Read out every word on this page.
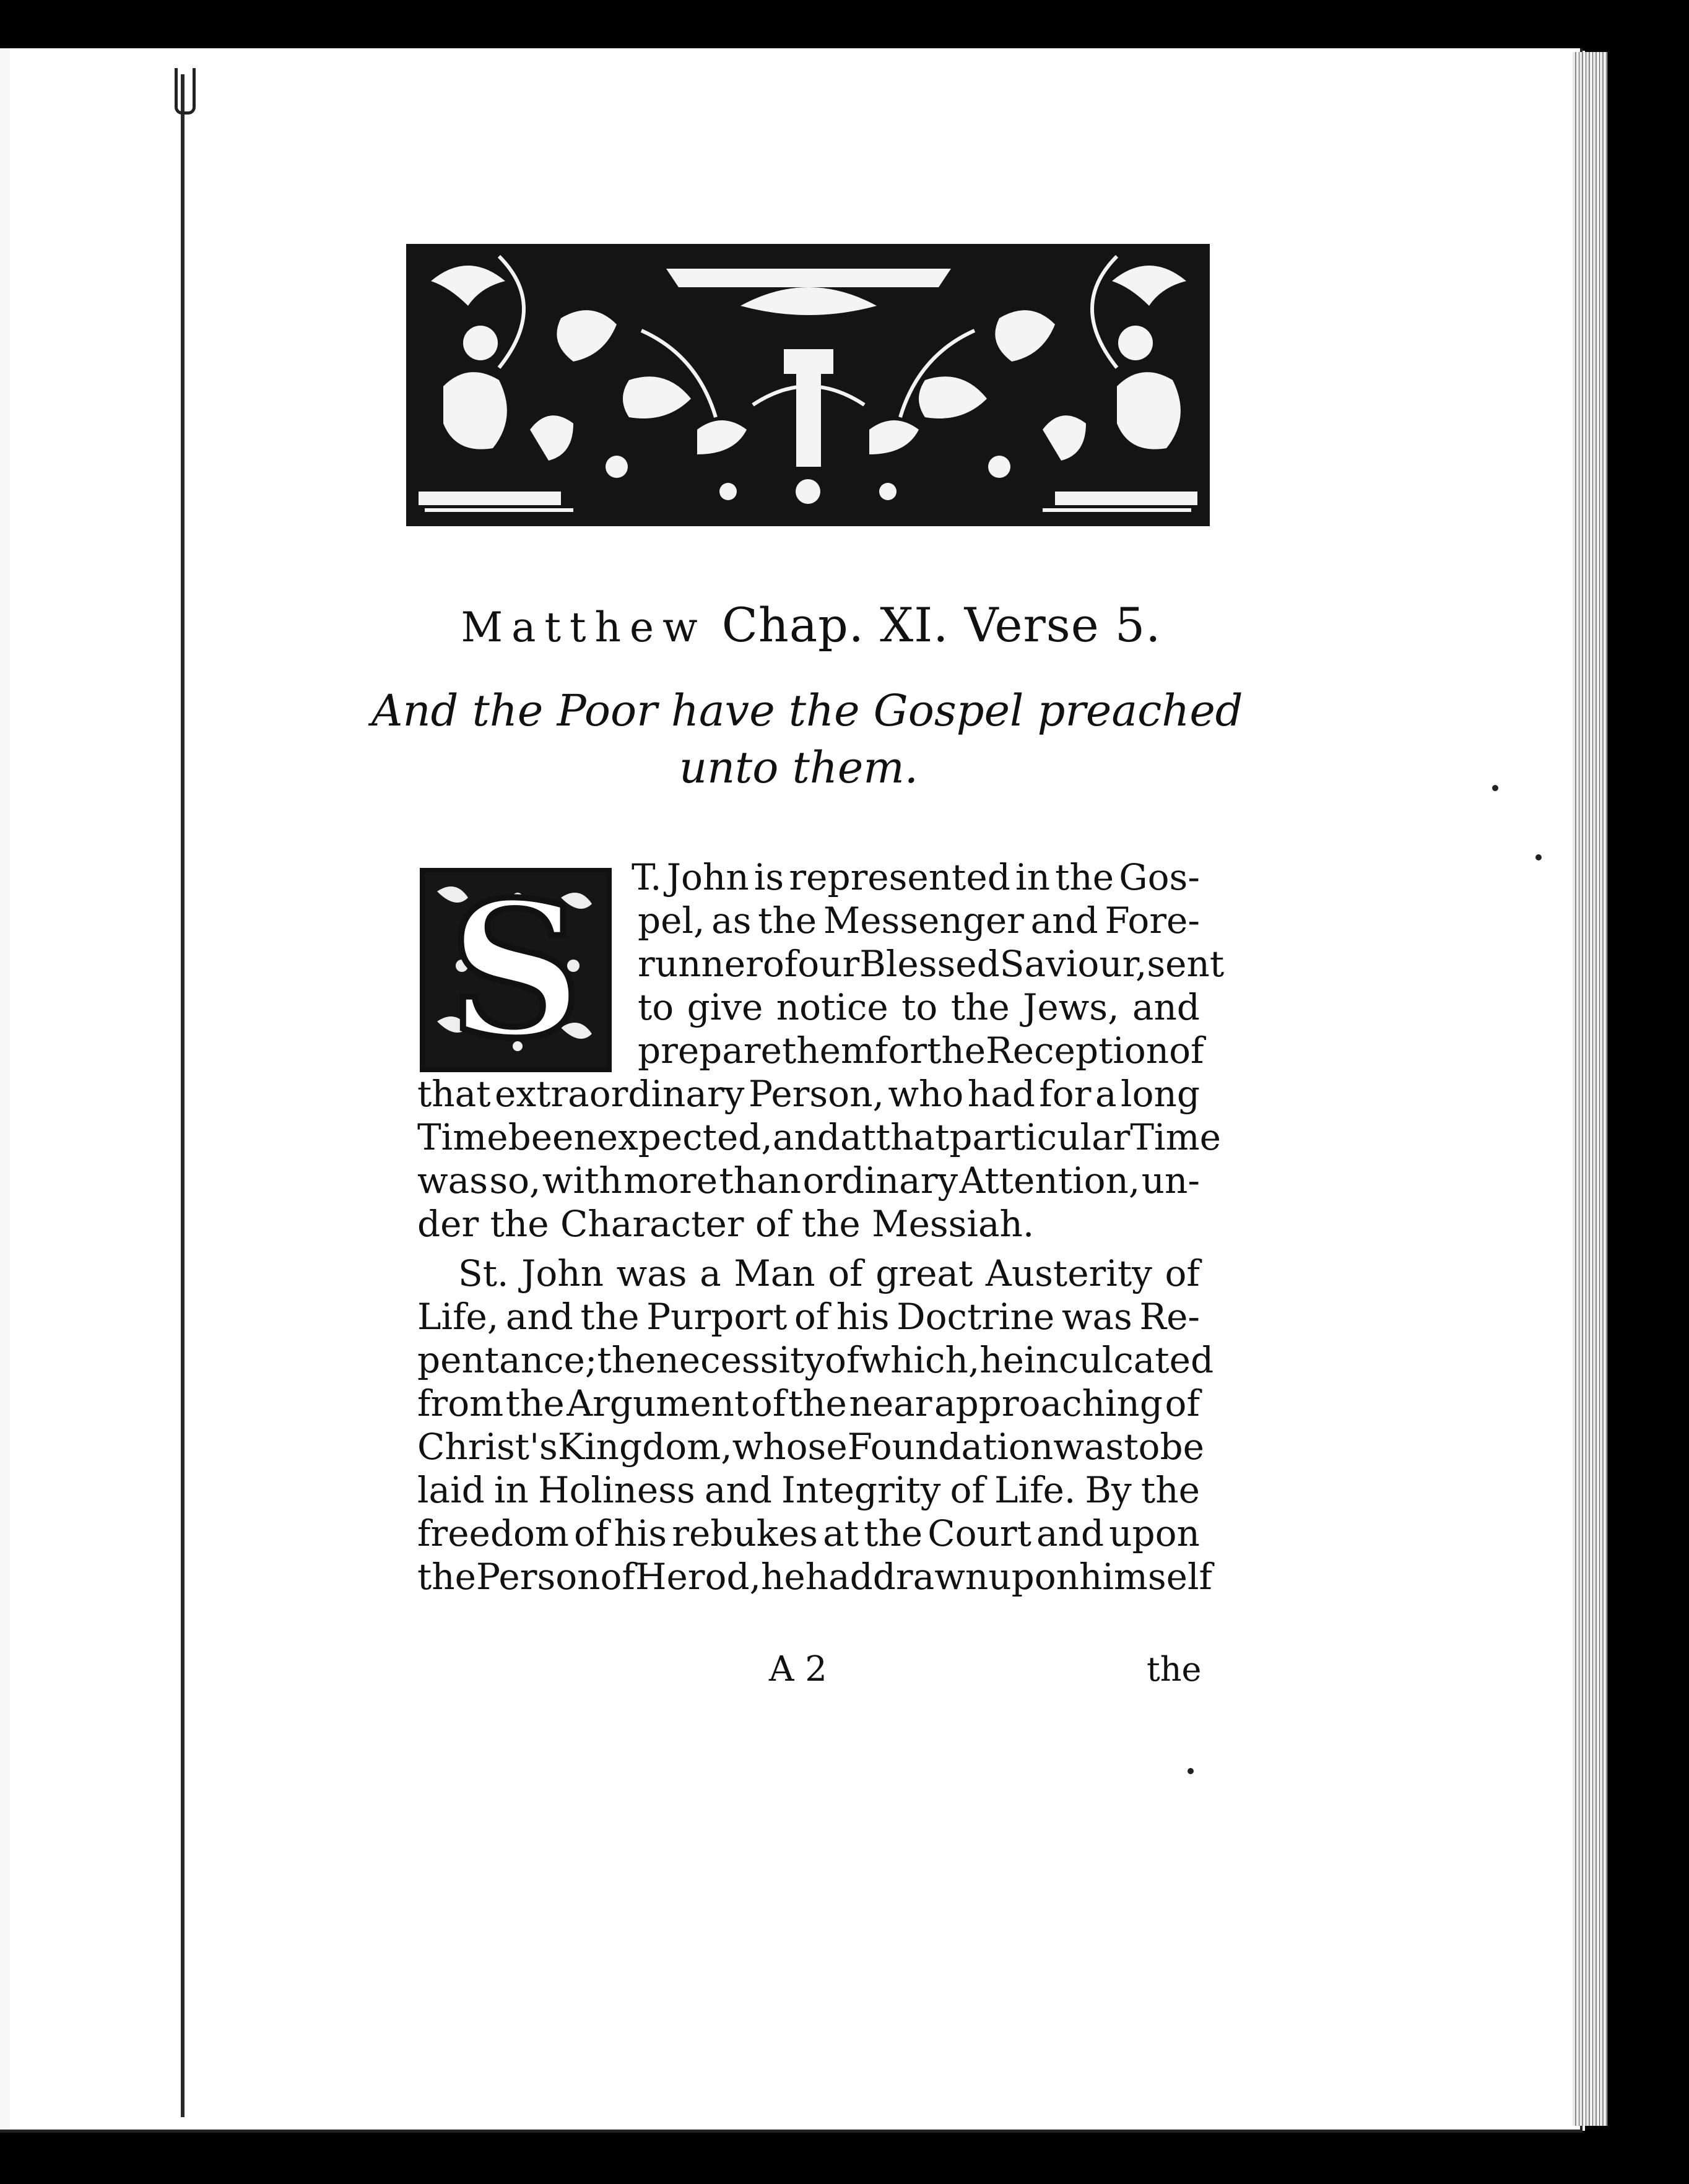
Matthew Chap. XI. Verse 5.
And the Poor have the Gospel preached
unto them.
S	T. John is represented in the Gos-
pel, as the Messenger and Fore-
runner of our Blessed Saviour, sent
to give notice to the Jews, and
prepare them for the Reception of
that extraordinary Person, who had for a long
Time been expected, and at that particular Time
was so, with more than ordinary Attention, un-
der the Character of the Messiah.
St. John was a Man of great Austerity of
Life, and the Purport of his Doctrine was Re-
pentance; the necessity of which, he inculcated
from the Argument of the near approaching of
Christ's Kingdom, whose Foundation was to be
laid in Holiness and Integrity of Life. By the
freedom of his rebukes at the Court and upon
the Person of Herod, he had drawn upon himself
A 2	the
